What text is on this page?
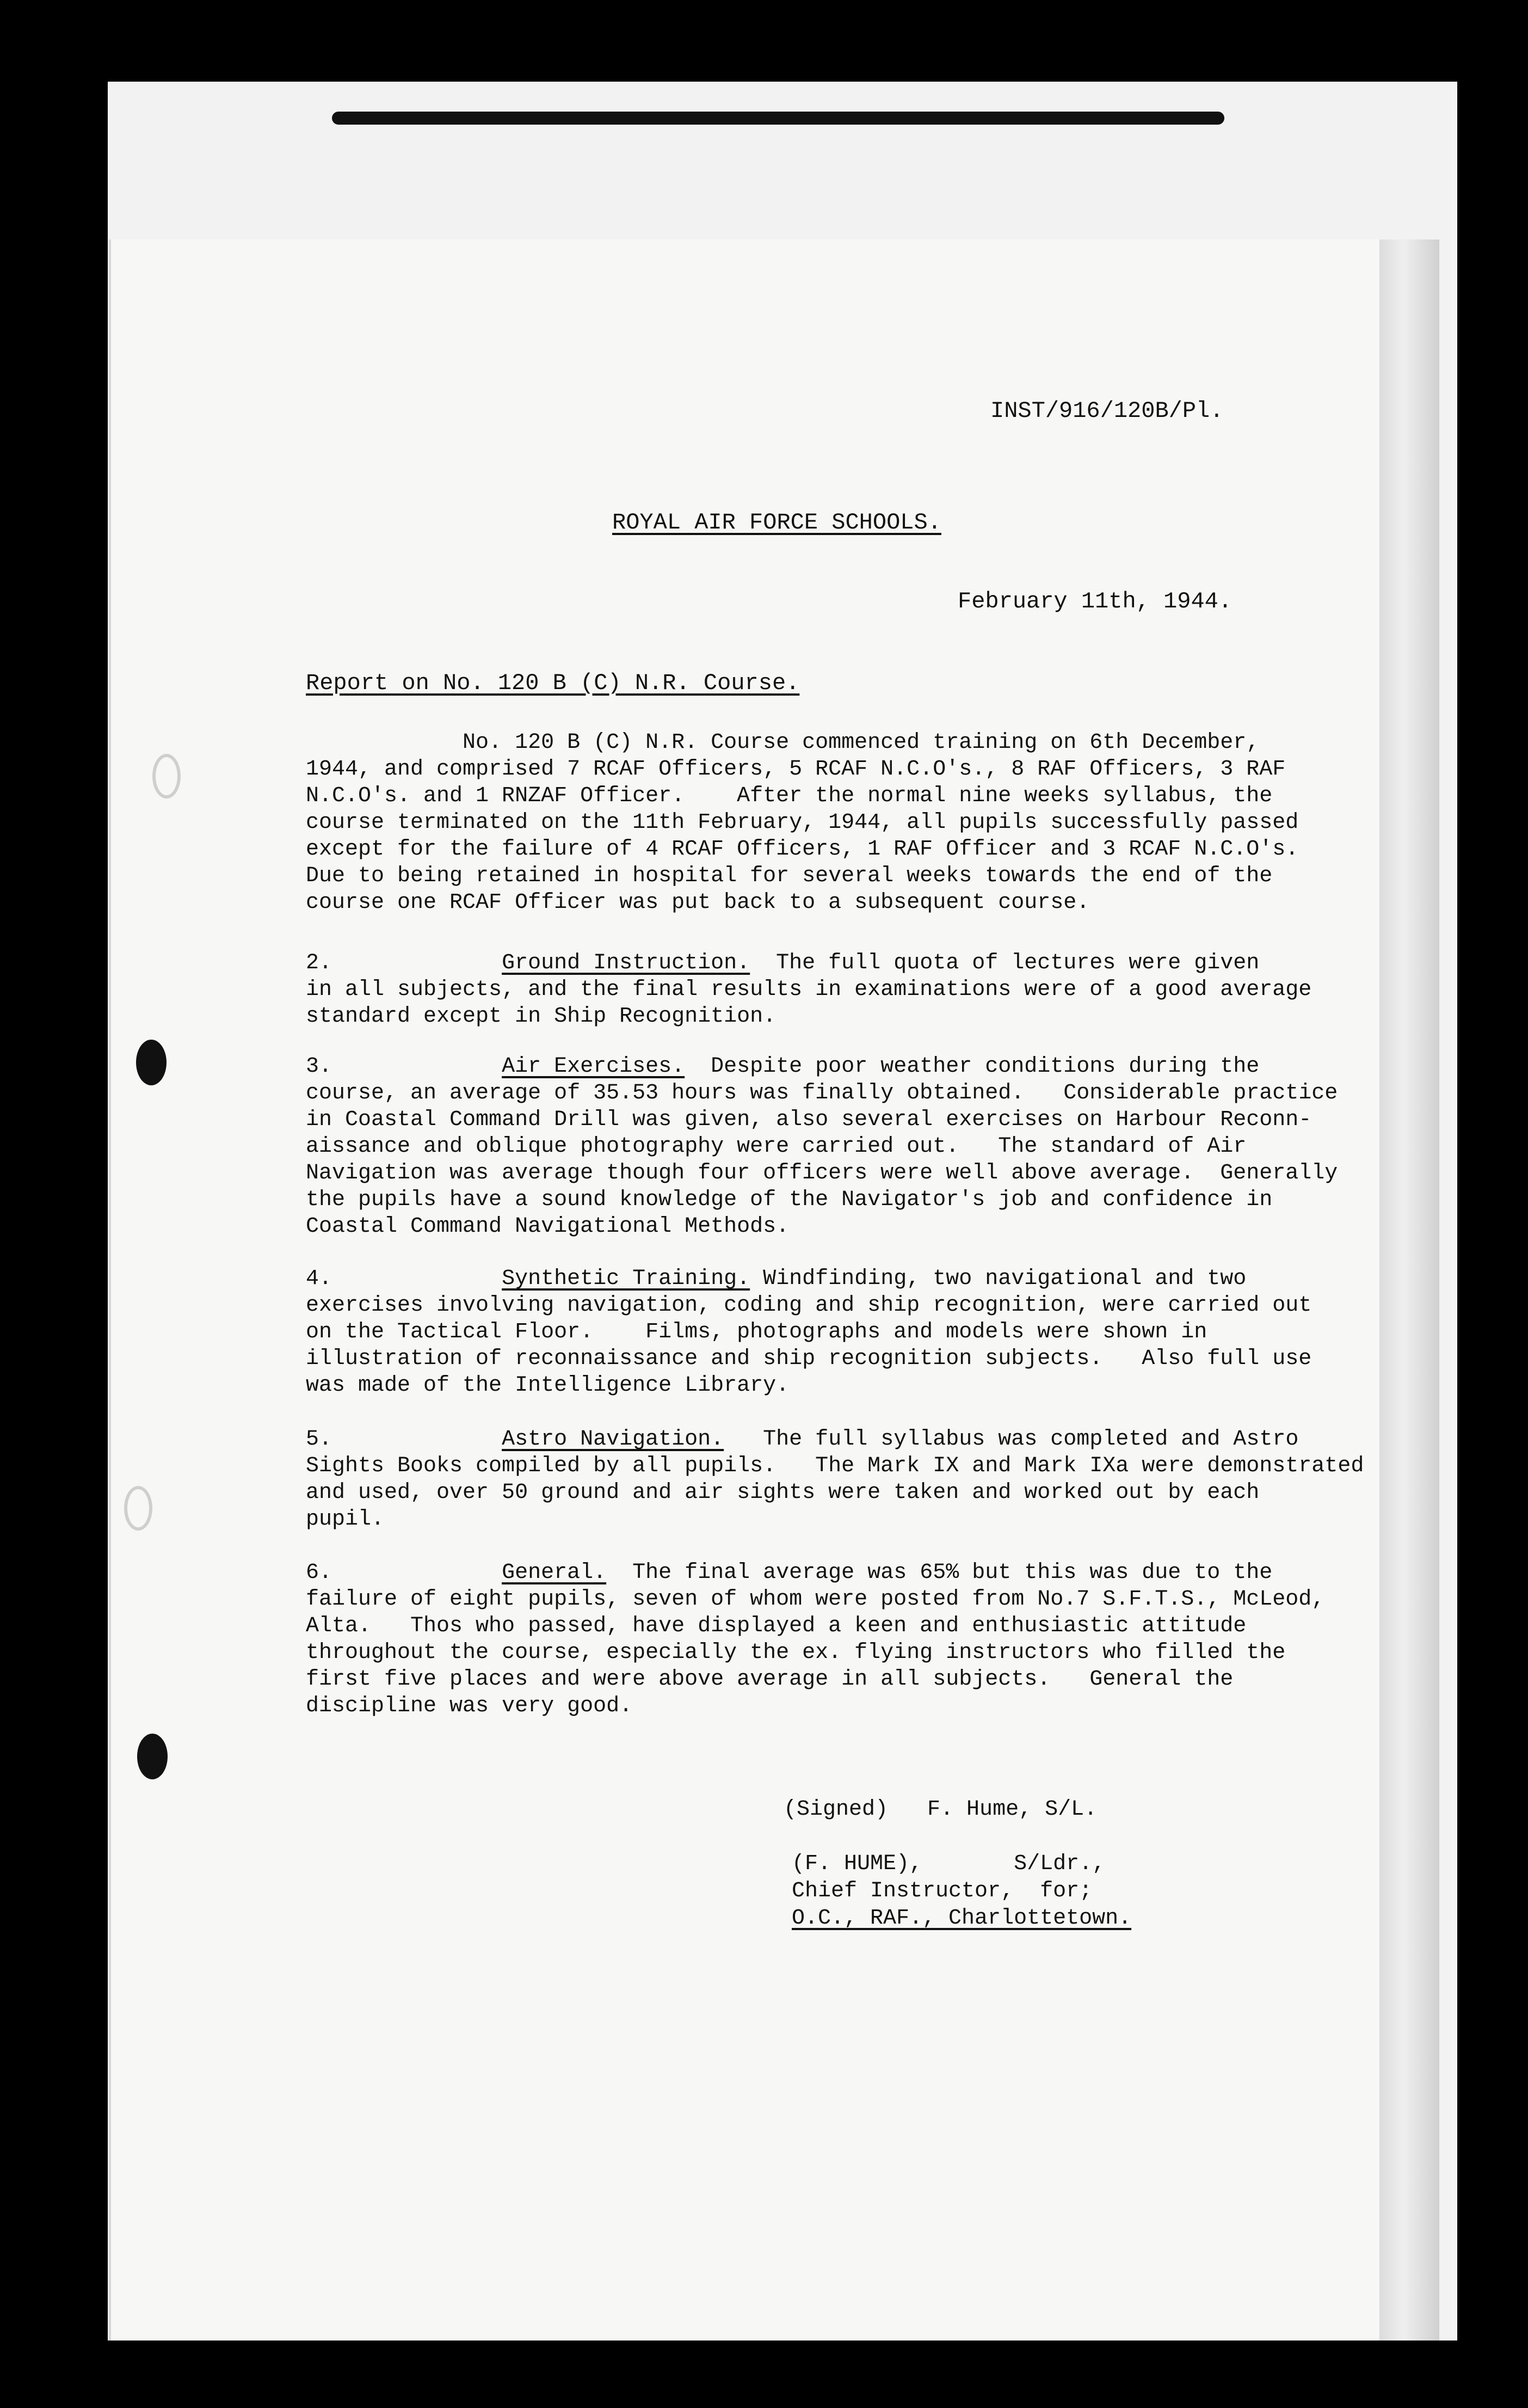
INST/916/120B/Pl.
ROYAL AIR FORCE SCHOOLS.
February 11th, 1944.
Report on No. 120 B (C) N.R. Course.
No. 120 B (C) N.R. Course commenced training on 6th December,
1944, and comprised 7 RCAF Officers, 5 RCAF N.C.O's., 8 RAF Officers, 3 RAF
N.C.O's. and 1 RNZAF Officer.    After the normal nine weeks syllabus, the
course terminated on the 11th February, 1944, all pupils successfully passed
except for the failure of 4 RCAF Officers, 1 RAF Officer and 3 RCAF N.C.O's.
Due to being retained in hospital for several weeks towards the end of the
course one RCAF Officer was put back to a subsequent course.
2.	Ground Instruction.  The full quota of lectures were given
in all subjects, and the final results in examinations were of a good average
standard except in Ship Recognition.
3.	Air Exercises.  Despite poor weather conditions during the
course, an average of 35.53 hours was finally obtained.   Considerable practice
in Coastal Command Drill was given, also several exercises on Harbour Reconn-
aissance and oblique photography were carried out.   The standard of Air
Navigation was average though four officers were well above average.  Generally
the pupils have a sound knowledge of the Navigator's job and confidence in
Coastal Command Navigational Methods.
4.	Synthetic Training. Windfinding, two navigational and two
exercises involving navigation, coding and ship recognition, were carried out
on the Tactical Floor.    Films, photographs and models were shown in
illustration of reconnaissance and ship recognition subjects.   Also full use
was made of the Intelligence Library.
5.	Astro Navigation.   The full syllabus was completed and Astro
Sights Books compiled by all pupils.   The Mark IX and Mark IXa were demonstrated
and used, over 50 ground and air sights were taken and worked out by each
pupil.
6.	General.  The final average was 65% but this was due to the
failure of eight pupils, seven of whom were posted from No.7 S.F.T.S., McLeod,
Alta.   Thos who passed, have displayed a keen and enthusiastic attitude
throughout the course, especially the ex. flying instructors who filled the
first five places and were above average in all subjects.   General the
discipline was very good.
(Signed)   F. Hume, S/L.
(F. HUME),       S/Ldr.,
Chief Instructor,  for;
O.C., RAF., Charlottetown.
